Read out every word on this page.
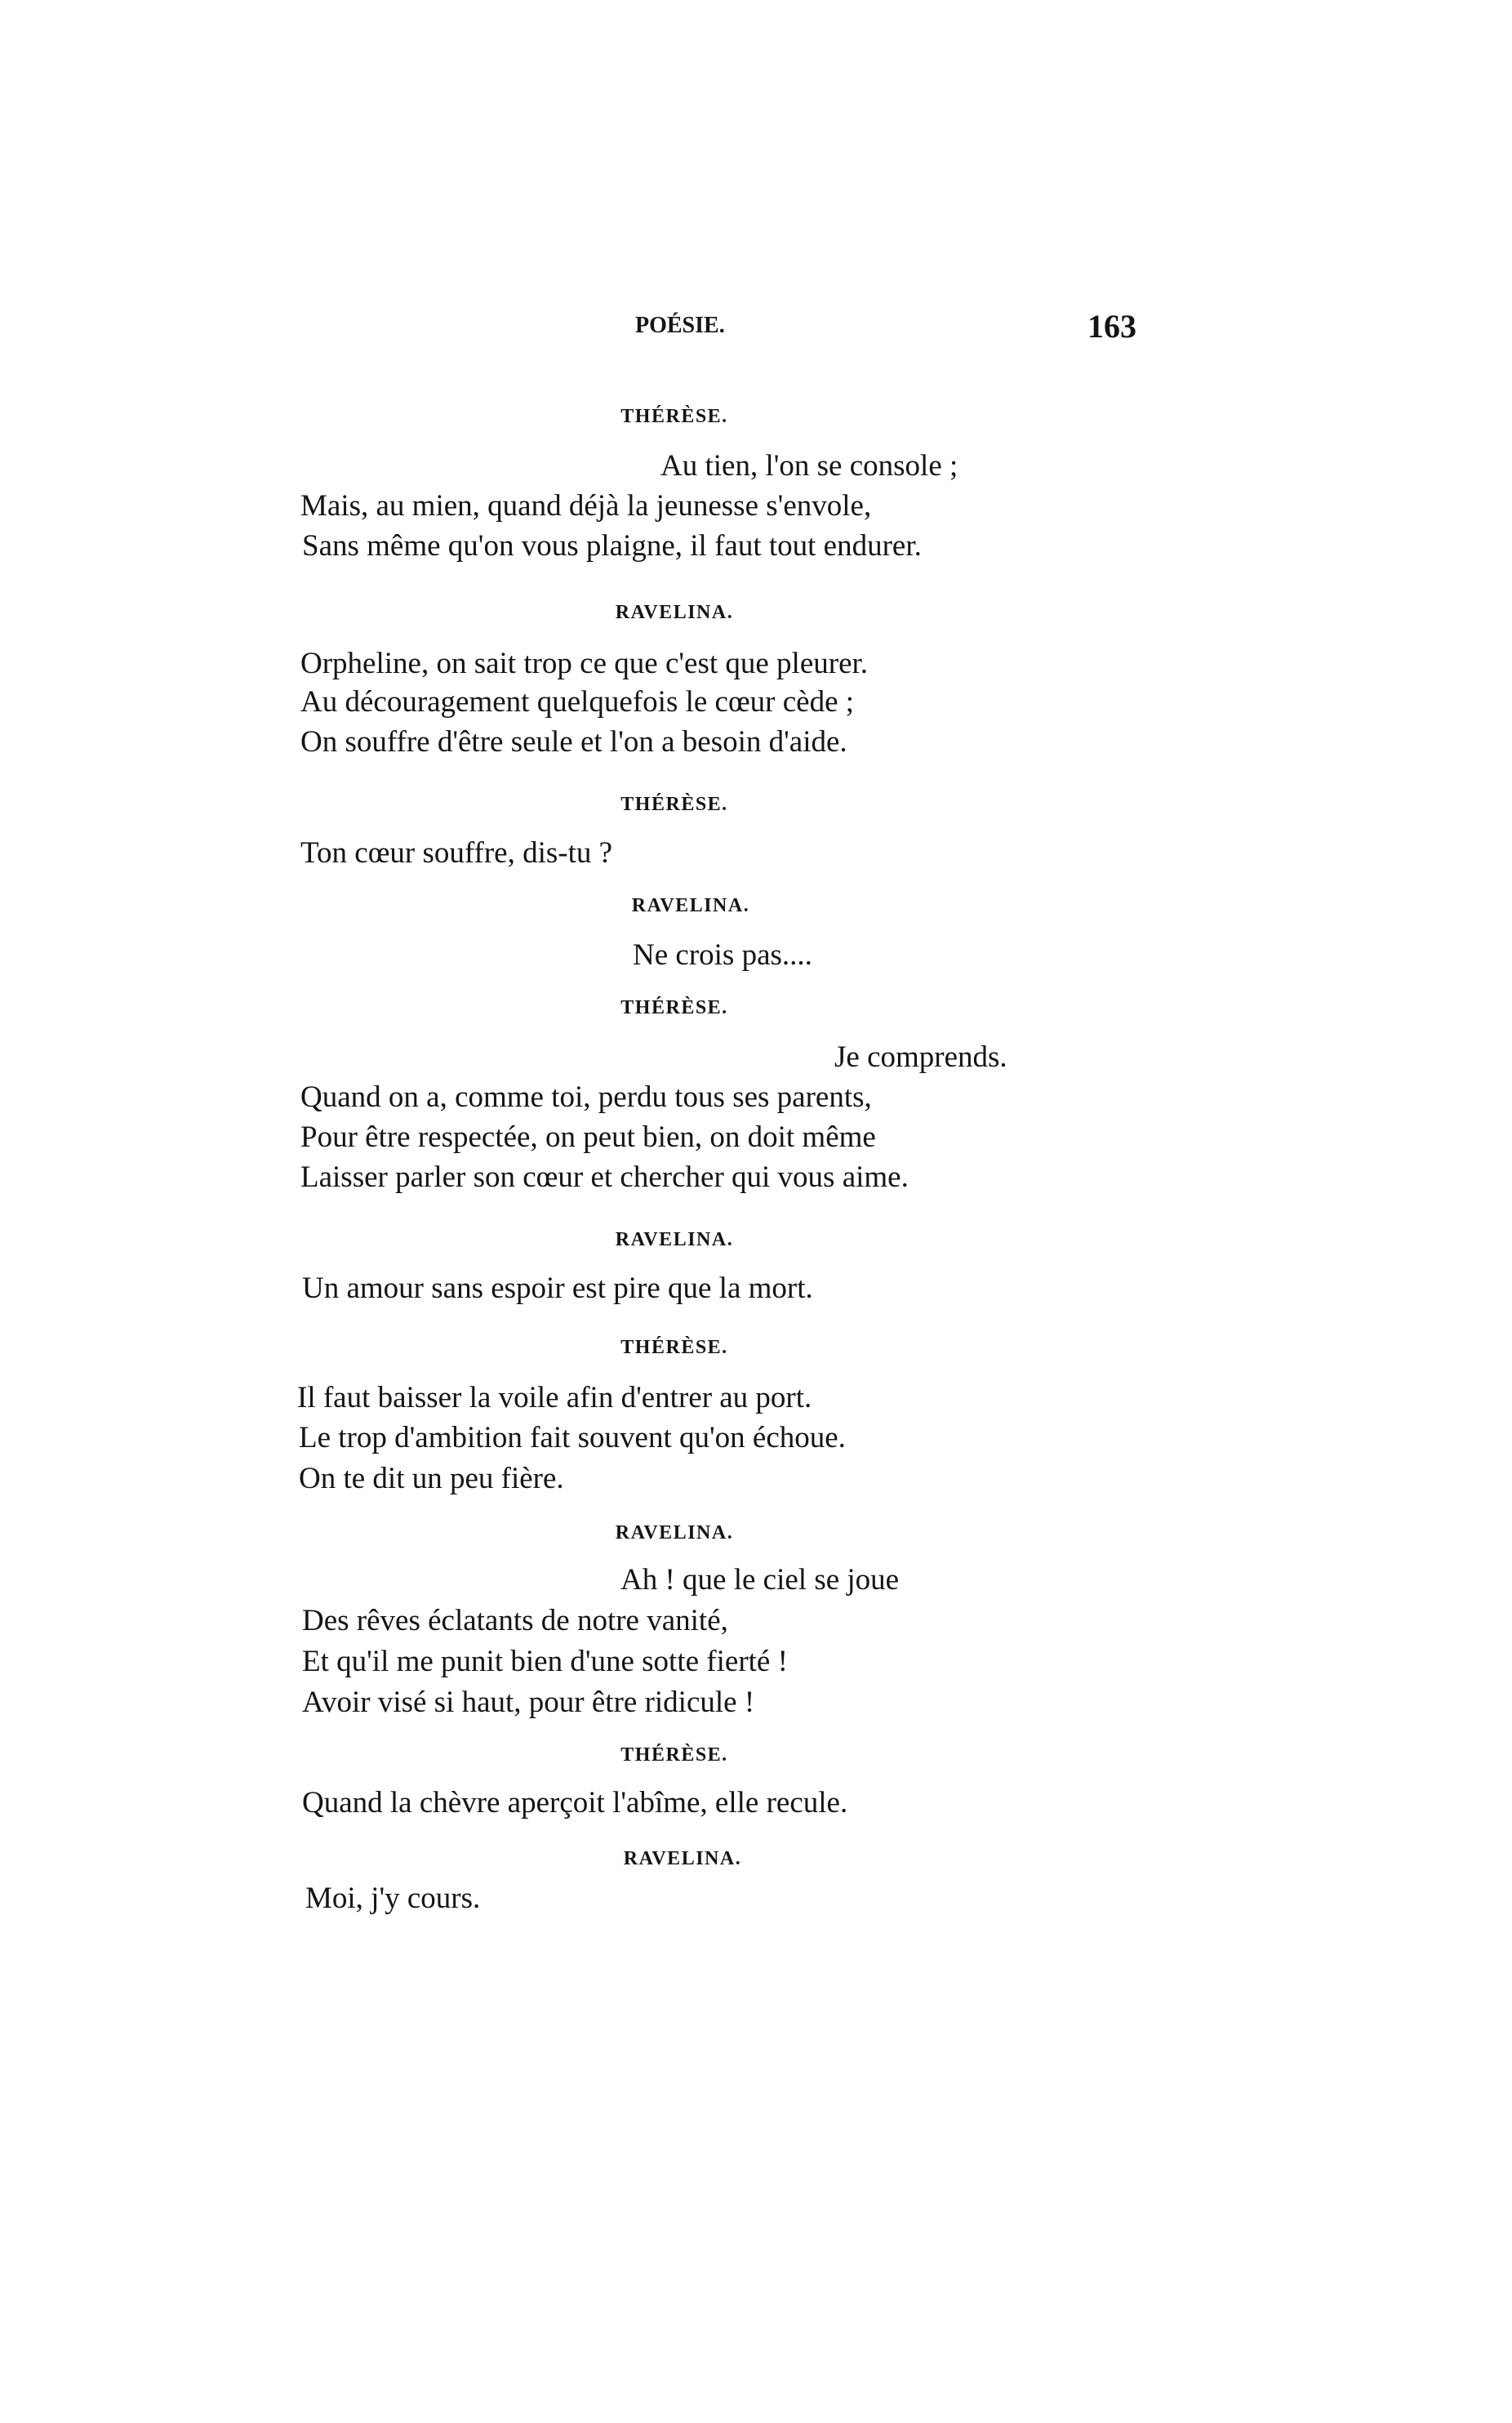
POÉSIE.	163
THÉRÈSE.
Au tien, l'on se console ;
Mais, au mien, quand déjà la jeunesse s'envole,
Sans même qu'on vous plaigne, il faut tout endurer.
RAVELINA.
Orpheline, on sait trop ce que c'est que pleurer.
Au découragement quelquefois le cœur cède ;
On souffre d'être seule et l'on a besoin d'aide.
THÉRÈSE.
Ton cœur souffre, dis-tu ?
RAVELINA.
Ne crois pas....
THÉRÈSE.
Je comprends.
Quand on a, comme toi, perdu tous ses parents,
Pour être respectée, on peut bien, on doit même
Laisser parler son cœur et chercher qui vous aime.
RAVELINA.
Un amour sans espoir est pire que la mort.
THÉRÈSE.
Il faut baisser la voile afin d'entrer au port.
Le trop d'ambition fait souvent qu'on échoue.
On te dit un peu fière.
RAVELINA.
Ah ! que le ciel se joue
Des rêves éclatants de notre vanité,
Et qu'il me punit bien d'une sotte fierté !
Avoir visé si haut, pour être ridicule !
THÉRÈSE.
Quand la chèvre aperçoit l'abîme, elle recule.
RAVELINA.
Moi, j'y cours.
